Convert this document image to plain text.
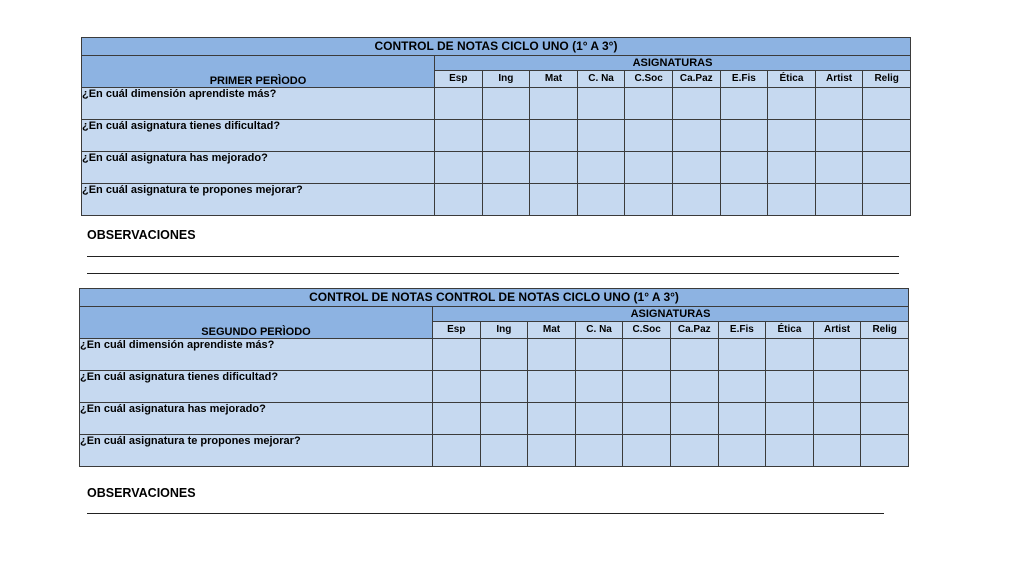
CONTROL DE NOTAS CICLO UNO (1° A 3°)										
PRIMER PERÌODO	ASIGNATURAS									
	Esp	Ing	Mat	C. Na	C.Soc	Ca.Paz	E.Fis	Ética	Artist	Relig
¿En cuál dimensión aprendiste más?										
¿En cuál asignatura tienes dificultad?										
¿En cuál asignatura has mejorado?										
¿En cuál asignatura te propones mejorar?										
OBSERVACIONES
CONTROL DE NOTAS CONTROL DE NOTAS CICLO UNO (1° A 3°)										
SEGUNDO PERÌODO	ASIGNATURAS									
	Esp	Ing	Mat	C. Na	C.Soc	Ca.Paz	E.Fis	Ética	Artist	Relig
¿En cuál dimensión aprendiste más?										
¿En cuál asignatura tienes dificultad?										
¿En cuál asignatura has mejorado?										
¿En cuál asignatura te propones mejorar?										
OBSERVACIONES
